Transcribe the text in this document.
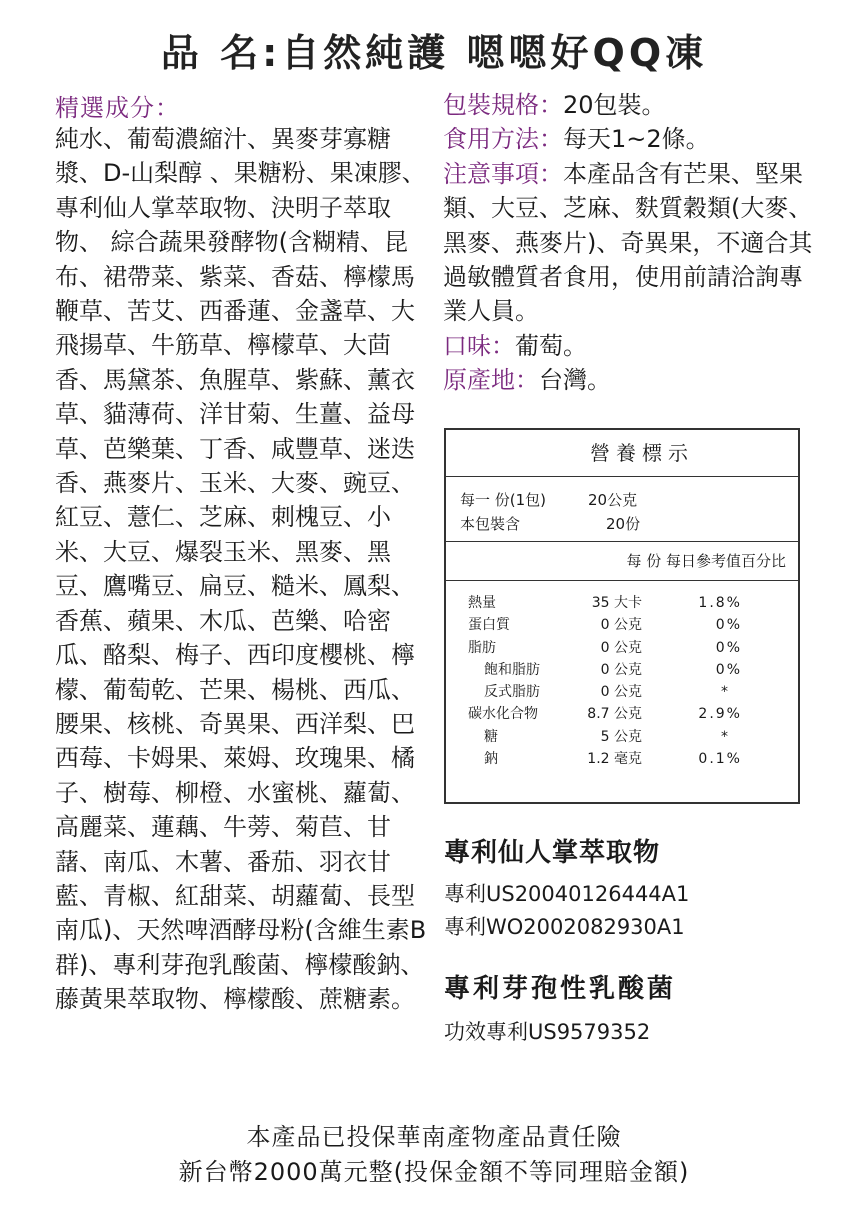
品 名:自然純護 嗯嗯好QQ凍
精選成分：
純水、葡萄濃縮汁、異麥芽寡糖漿、D-山梨醇 、果糖粉、果凍膠、專利仙人掌萃取物、決明子萃取物、 綜合蔬果發酵物(含糊精、昆布、裙帶菜、紫菜、香菇、檸檬馬鞭草、苦艾、西番蓮、金盞草、大飛揚草、牛筋草、檸檬草、大茴香、馬黛茶、魚腥草、紫蘇、薰衣草、貓薄荷、洋甘菊、生薑、益母草、芭樂葉、丁香、咸豐草、迷迭香、燕麥片、玉米、大麥、豌豆、紅豆、薏仁、芝麻、刺槐豆、小米、大豆、爆裂玉米、黑麥、黑豆、鷹嘴豆、扁豆、糙米、鳳梨、香蕉、蘋果、木瓜、芭樂、哈密瓜、酪梨、梅子、西印度櫻桃、檸檬、葡萄乾、芒果、楊桃、西瓜、腰果、核桃、奇異果、西洋梨、巴西莓、卡姆果、萊姆、玫瑰果、橘子、樹莓、柳橙、水蜜桃、蘿蔔、高麗菜、蓮藕、牛蒡、菊苣、甘藷、南瓜、木薯、番茄、羽衣甘藍、青椒、紅甜菜、胡蘿蔔、長型南瓜)、天然啤酒酵母粉(含維生素B群)、專利芽孢乳酸菌、檸檬酸鈉、藤黃果萃取物、檸檬酸、蔗糖素。
包裝規格：20包裝。
食用方法：每天1~2條。
注意事項：本產品含有芒果、堅果類、大豆、芝麻、麩質穀類(大麥、黑麥、燕麥片)、奇異果，不適合其過敏體質者食用，使用前請洽詢專業人員。
口味：葡萄。
原產地：台灣。
營養標示
每一 份(1包)	20公克
本包裝含	20份
每 份 每日參考值百分比
熱量	35 大卡	1.8%
蛋白質	0 公克	0%
脂肪	0 公克	0%
飽和脂肪	0 公克	0%
反式脂肪	0 公克	*
碳水化合物	8.7 公克	2.9%
糖	5 公克	*
鈉	1.2 毫克	0.1%
專利仙人掌萃取物
專利US20040126444A1
專利WO2002082930A1
專利芽孢性乳酸菌
功效專利US9579352
本產品已投保華南產物產品責任險
新台幣2000萬元整(投保金額不等同理賠金額)
